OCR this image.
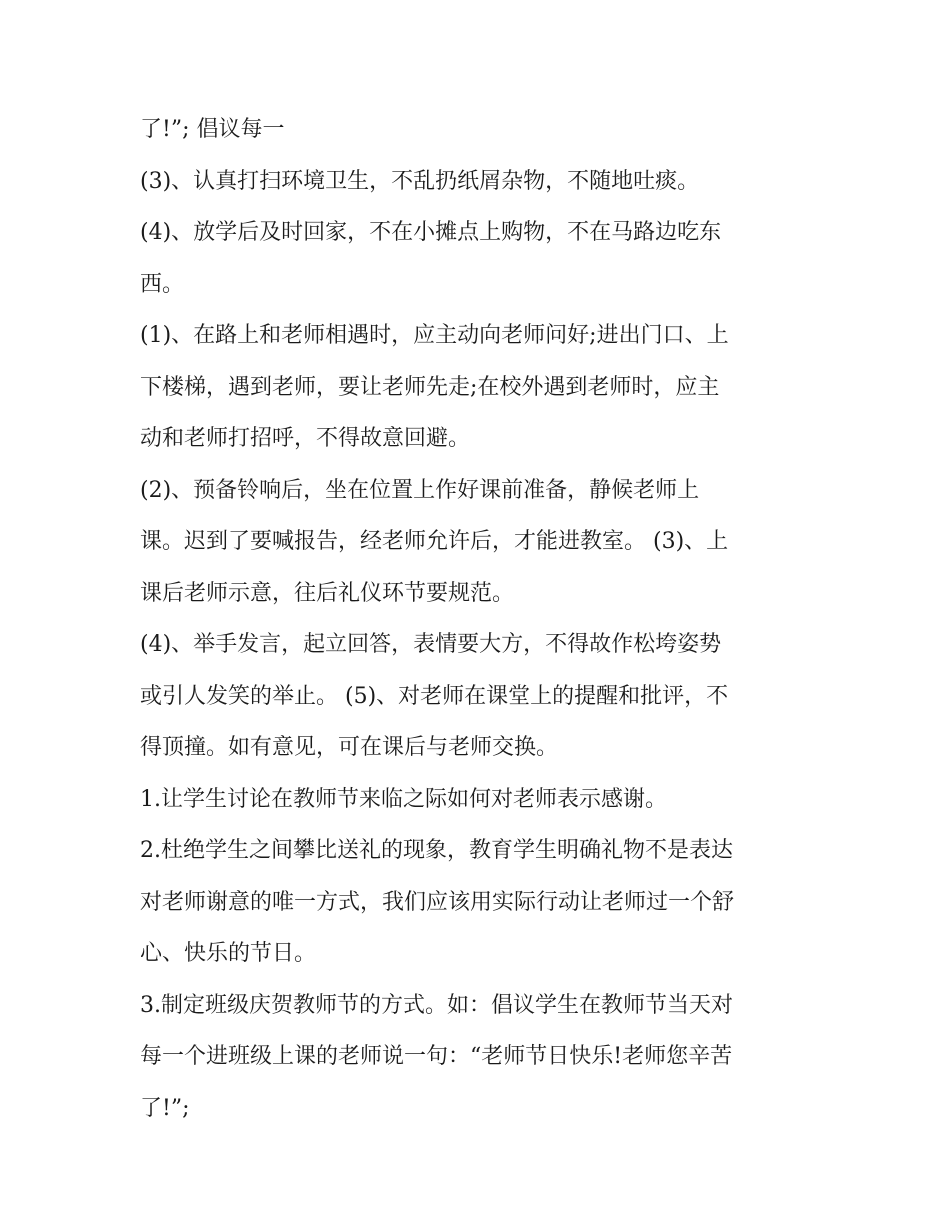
了!”; 倡议每一
(3)、认真打扫环境卫生，不乱扔纸屑杂物，不随地吐痰。
(4)、放学后及时回家，不在小摊点上购物，不在马路边吃东
西。
(1)、在路上和老师相遇时，应主动向老师问好;进出门口、上
下楼梯，遇到老师，要让老师先走;在校外遇到老师时，应主
动和老师打招呼，不得故意回避。
(2)、预备铃响后，坐在位置上作好课前准备，静候老师上
课。迟到了要喊报告，经老师允许后，才能进教室。 (3)、上
课后老师示意，往后礼仪环节要规范。
(4)、举手发言，起立回答，表情要大方，不得故作松垮姿势
或引人发笑的举止。 (5)、对老师在课堂上的提醒和批评，不
得顶撞。如有意见，可在课后与老师交换。
1.让学生讨论在教师节来临之际如何对老师表示感谢。
2.杜绝学生之间攀比送礼的现象，教育学生明确礼物不是表达
对老师谢意的唯一方式，我们应该用实际行动让老师过一个舒
心、快乐的节日。
3.制定班级庆贺教师节的方式。如：倡议学生在教师节当天对
每一个进班级上课的老师说一句：“老师节日快乐!老师您辛苦
了!”;
